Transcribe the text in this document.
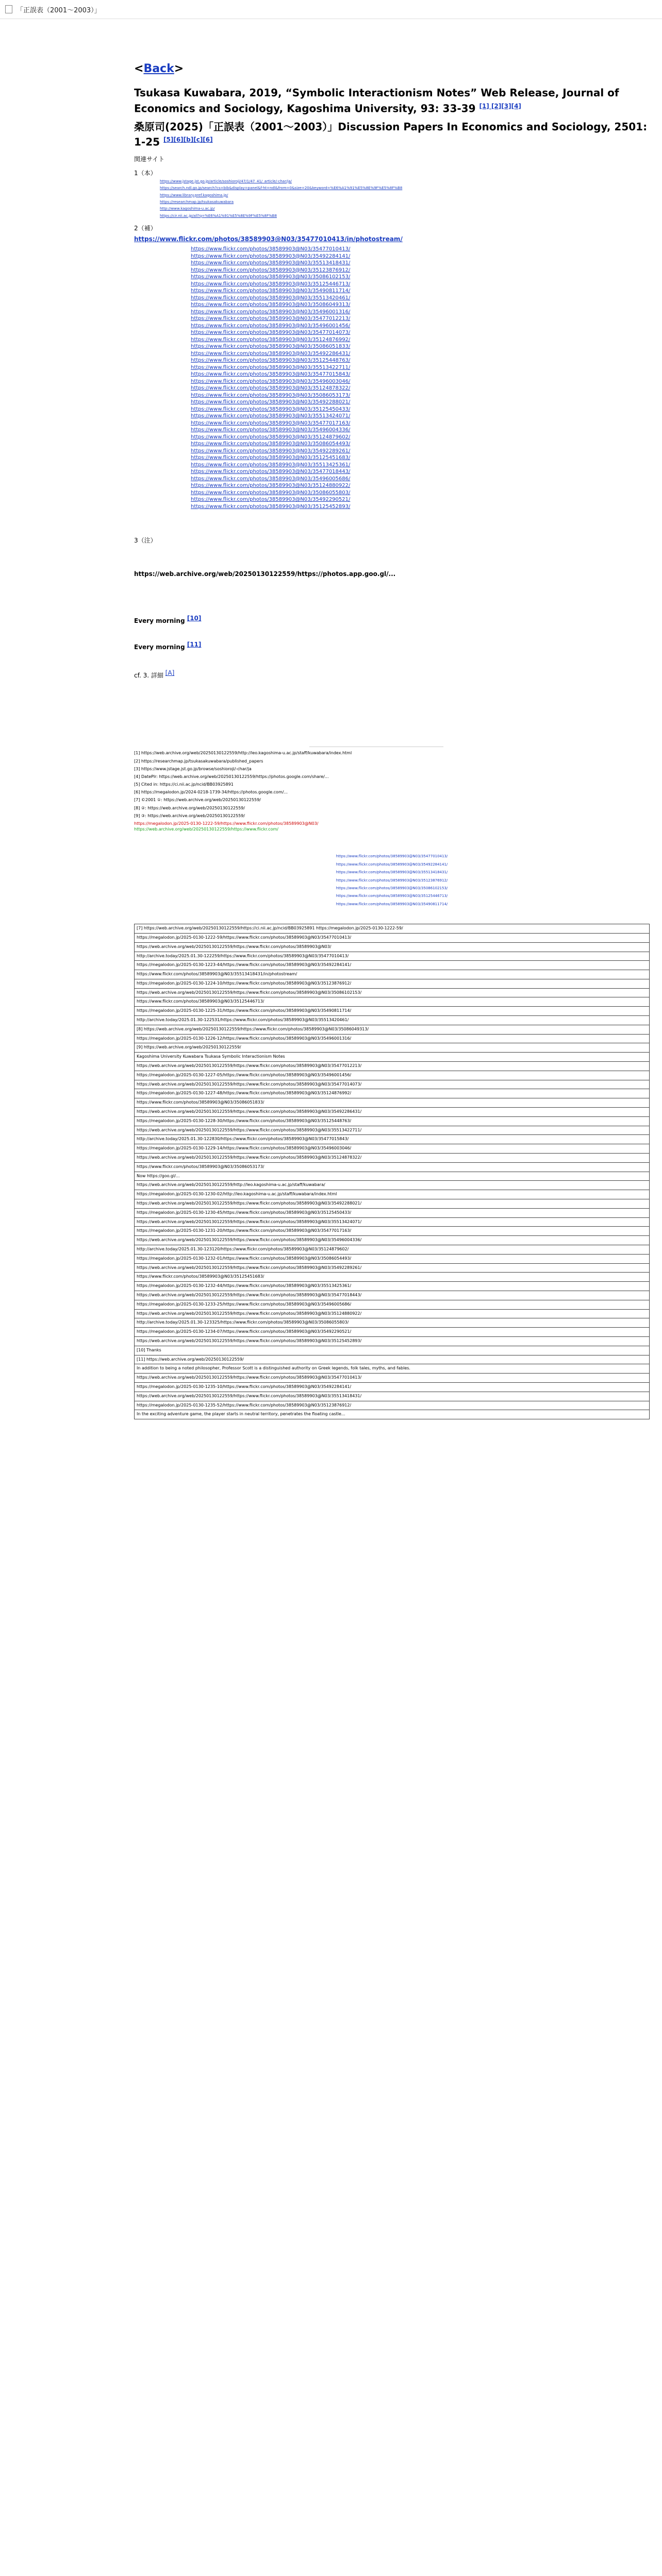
「正誤表（2001〜2003）」
<Back>
Tsukasa Kuwabara, 2019, “Symbolic Interactionism Notes” Web Release, Journal of Economics and Sociology, Kagoshima University, 93: 33-39 [1] [2][3][4]
桑原司(2025)「正誤表（2001〜2003）」Discussion Papers In Economics and Sociology, 2501: 1-25 [5][6][b][c][6]
関連サイト
1（本）
https://www.jstage.jst.go.jp/article/soshioroji/47/1/47_41/_article/-char/ja/
https://search.ndl.go.jp/search?cs=bib&display=panel&f-ht=ndl&from=0&size=20&keyword=%E6%A1%91%E5%8E%9F%E5%8F%B8
https://www.library.pref.kagoshima.jp/
https://researchmap.jp/tsukasakuwabara
http://www.kagoshima-u.ac.jp/
https://cir.nii.ac.jp/all?q=%E6%A1%91%E5%8E%9F%E5%8F%B8
2（補）
https://www.flickr.com/photos/38589903@N03/35477010413/in/photostream/
https://www.flickr.com/photos/38589903@N03/35477010413/
https://www.flickr.com/photos/38589903@N03/35492284141/
https://www.flickr.com/photos/38589903@N03/35513418431/
https://www.flickr.com/photos/38589903@N03/35123876912/
https://www.flickr.com/photos/38589903@N03/35086102153/
https://www.flickr.com/photos/38589903@N03/35125446713/
https://www.flickr.com/photos/38589903@N03/35490811714/
https://www.flickr.com/photos/38589903@N03/35513420461/
https://www.flickr.com/photos/38589903@N03/35086049313/
https://www.flickr.com/photos/38589903@N03/35496001316/
https://www.flickr.com/photos/38589903@N03/35477012213/
https://www.flickr.com/photos/38589903@N03/35496001456/
https://www.flickr.com/photos/38589903@N03/35477014073/
https://www.flickr.com/photos/38589903@N03/35124876992/
https://www.flickr.com/photos/38589903@N03/35086051833/
https://www.flickr.com/photos/38589903@N03/35492286431/
https://www.flickr.com/photos/38589903@N03/35125448763/
https://www.flickr.com/photos/38589903@N03/35513422711/
https://www.flickr.com/photos/38589903@N03/35477015843/
https://www.flickr.com/photos/38589903@N03/35496003046/
https://www.flickr.com/photos/38589903@N03/35124878322/
https://www.flickr.com/photos/38589903@N03/35086053173/
https://www.flickr.com/photos/38589903@N03/35492288021/
https://www.flickr.com/photos/38589903@N03/35125450433/
https://www.flickr.com/photos/38589903@N03/35513424071/
https://www.flickr.com/photos/38589903@N03/35477017163/
https://www.flickr.com/photos/38589903@N03/35496004336/
https://www.flickr.com/photos/38589903@N03/35124879602/
https://www.flickr.com/photos/38589903@N03/35086054493/
https://www.flickr.com/photos/38589903@N03/35492289261/
https://www.flickr.com/photos/38589903@N03/35125451683/
https://www.flickr.com/photos/38589903@N03/35513425361/
https://www.flickr.com/photos/38589903@N03/35477018443/
https://www.flickr.com/photos/38589903@N03/35496005686/
https://www.flickr.com/photos/38589903@N03/35124880922/
https://www.flickr.com/photos/38589903@N03/35086055803/
https://www.flickr.com/photos/38589903@N03/35492290521/
https://www.flickr.com/photos/38589903@N03/35125452893/
3（注）
https://web.archive.org/web/20250130122559/https://photos.app.goo.gl/...
Every morning [10]
Every morning [11]
cf. 3. 詳細 [A]
[1] https://web.archive.org/web/20250130122559/http://leo.kagoshima-u.ac.jp/staff/kuwabara/index.html
[2] https://researchmap.jp/tsukasakuwabara/published_papers
[3] https://www.jstage.jst.go.jp/browse/soshioroji/-char/ja
[4] DatePlr: https://web.archive.org/web/20250130122559/https://photos.google.com/share/...
[5] Cited in: https://ci.nii.ac.jp/ncid/BB03925891
[6] https://megalodon.jp/2024-0218-1739-34/https://photos.google.com/...
[7] ©2001 ①: https://web.archive.org/web/20250130122559/
[8] ②: https://web.archive.org/web/20250130122559/
[9] ③: https://web.archive.org/web/20250130122559/
https://megalodon.jp/2025-0130-1222-59/https://www.flickr.com/photos/38589903@N03/
https://web.archive.org/web/20250130122559/https://www.flickr.com/
https://www.flickr.com/photos/38589903@N03/35477010413/
https://www.flickr.com/photos/38589903@N03/35492284141/
https://www.flickr.com/photos/38589903@N03/35513418431/
https://www.flickr.com/photos/38589903@N03/35123876912/
https://www.flickr.com/photos/38589903@N03/35086102153/
https://www.flickr.com/photos/38589903@N03/35125446713/
https://www.flickr.com/photos/38589903@N03/35490811714/
[7] https://web.archive.org/web/20250130122559/https://ci.nii.ac.jp/ncid/BB03925891 https://megalodon.jp/2025-0130-1222-59/
https://megalodon.jp/2025-0130-1222-59/https://www.flickr.com/photos/38589903@N03/35477010413/
https://web.archive.org/web/20250130122559/https://www.flickr.com/photos/38589903@N03/
http://archive.today/2025.01.30-122259/https://www.flickr.com/photos/38589903@N03/35477010413/
https://megalodon.jp/2025-0130-1223-44/https://www.flickr.com/photos/38589903@N03/35492284141/
https://www.flickr.com/photos/38589903@N03/35513418431/in/photostream/
https://megalodon.jp/2025-0130-1224-10/https://www.flickr.com/photos/38589903@N03/35123876912/
https://web.archive.org/web/20250130122559/https://www.flickr.com/photos/38589903@N03/35086102153/
https://www.flickr.com/photos/38589903@N03/35125446713/
https://megalodon.jp/2025-0130-1225-31/https://www.flickr.com/photos/38589903@N03/35490811714/
http://archive.today/2025.01.30-122531/https://www.flickr.com/photos/38589903@N03/35513420461/
[8] https://web.archive.org/web/20250130122559/https://www.flickr.com/photos/38589903@N03/35086049313/
https://megalodon.jp/2025-0130-1226-12/https://www.flickr.com/photos/38589903@N03/35496001316/
[9] https://web.archive.org/web/20250130122559/
Kagoshima University Kuwabara Tsukasa Symbolic Interactionism Notes
https://web.archive.org/web/20250130122559/https://www.flickr.com/photos/38589903@N03/35477012213/
https://megalodon.jp/2025-0130-1227-05/https://www.flickr.com/photos/38589903@N03/35496001456/
https://web.archive.org/web/20250130122559/https://www.flickr.com/photos/38589903@N03/35477014073/
https://megalodon.jp/2025-0130-1227-48/https://www.flickr.com/photos/38589903@N03/35124876992/
https://www.flickr.com/photos/38589903@N03/35086051833/
https://web.archive.org/web/20250130122559/https://www.flickr.com/photos/38589903@N03/35492286431/
https://megalodon.jp/2025-0130-1228-30/https://www.flickr.com/photos/38589903@N03/35125448763/
https://web.archive.org/web/20250130122559/https://www.flickr.com/photos/38589903@N03/35513422711/
http://archive.today/2025.01.30-122830/https://www.flickr.com/photos/38589903@N03/35477015843/
https://megalodon.jp/2025-0130-1229-14/https://www.flickr.com/photos/38589903@N03/35496003046/
https://web.archive.org/web/20250130122559/https://www.flickr.com/photos/38589903@N03/35124878322/
https://www.flickr.com/photos/38589903@N03/35086053173/
Now https://goo.gl/...
https://web.archive.org/web/20250130122559/http://leo.kagoshima-u.ac.jp/staff/kuwabara/
https://megalodon.jp/2025-0130-1230-02/http://leo.kagoshima-u.ac.jp/staff/kuwabara/index.html
https://web.archive.org/web/20250130122559/https://www.flickr.com/photos/38589903@N03/35492288021/
https://megalodon.jp/2025-0130-1230-45/https://www.flickr.com/photos/38589903@N03/35125450433/
https://web.archive.org/web/20250130122559/https://www.flickr.com/photos/38589903@N03/35513424071/
https://megalodon.jp/2025-0130-1231-20/https://www.flickr.com/photos/38589903@N03/35477017163/
https://web.archive.org/web/20250130122559/https://www.flickr.com/photos/38589903@N03/35496004336/
http://archive.today/2025.01.30-123120/https://www.flickr.com/photos/38589903@N03/35124879602/
https://megalodon.jp/2025-0130-1232-01/https://www.flickr.com/photos/38589903@N03/35086054493/
https://web.archive.org/web/20250130122559/https://www.flickr.com/photos/38589903@N03/35492289261/
https://www.flickr.com/photos/38589903@N03/35125451683/
https://megalodon.jp/2025-0130-1232-44/https://www.flickr.com/photos/38589903@N03/35513425361/
https://web.archive.org/web/20250130122559/https://www.flickr.com/photos/38589903@N03/35477018443/
https://megalodon.jp/2025-0130-1233-25/https://www.flickr.com/photos/38589903@N03/35496005686/
https://web.archive.org/web/20250130122559/https://www.flickr.com/photos/38589903@N03/35124880922/
http://archive.today/2025.01.30-123325/https://www.flickr.com/photos/38589903@N03/35086055803/
https://megalodon.jp/2025-0130-1234-07/https://www.flickr.com/photos/38589903@N03/35492290521/
https://web.archive.org/web/20250130122559/https://www.flickr.com/photos/38589903@N03/35125452893/
[10] Thanks
[11] https://web.archive.org/web/20250130122559/
In addition to being a noted philosopher, Professor Scott is a distinguished authority on Greek legends, folk tales, myths, and fables.
https://web.archive.org/web/20250130122559/https://www.flickr.com/photos/38589903@N03/35477010413/
https://megalodon.jp/2025-0130-1235-10/https://www.flickr.com/photos/38589903@N03/35492284141/
https://web.archive.org/web/20250130122559/https://www.flickr.com/photos/38589903@N03/35513418431/
https://megalodon.jp/2025-0130-1235-52/https://www.flickr.com/photos/38589903@N03/35123876912/
In the exciting adventure game, the player starts in neutral territory, penetrates the floating castle...
